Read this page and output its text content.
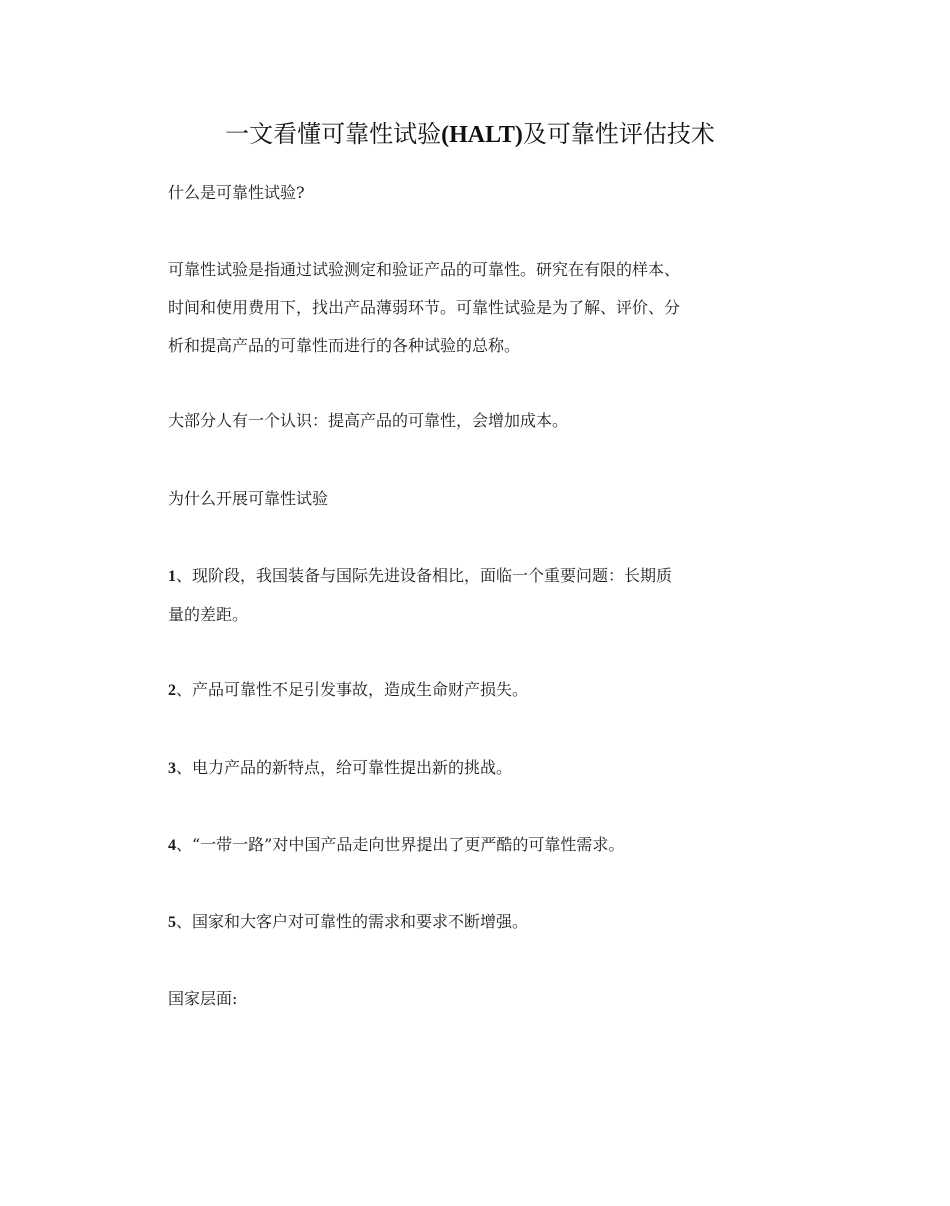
一文看懂可靠性试验(HALT)及可靠性评估技术

什么是可靠性试验?

可靠性试验是指通过试验测定和验证产品的可靠性。研究在有限的样本、
时间和使用费用下，找出产品薄弱环节。可靠性试验是为了解、评价、分
析和提高产品的可靠性而进行的各种试验的总称。

大部分人有一个认识：提高产品的可靠性，会增加成本。

为什么开展可靠性试验

1、现阶段，我国装备与国际先进设备相比，面临一个重要问题：长期质
量的差距。

2、产品可靠性不足引发事故，造成生命财产损失。

3、电力产品的新特点，给可靠性提出新的挑战。

4、“一带一路”对中国产品走向世界提出了更严酷的可靠性需求。

5、国家和大客户对可靠性的需求和要求不断增强。

国家层面:
